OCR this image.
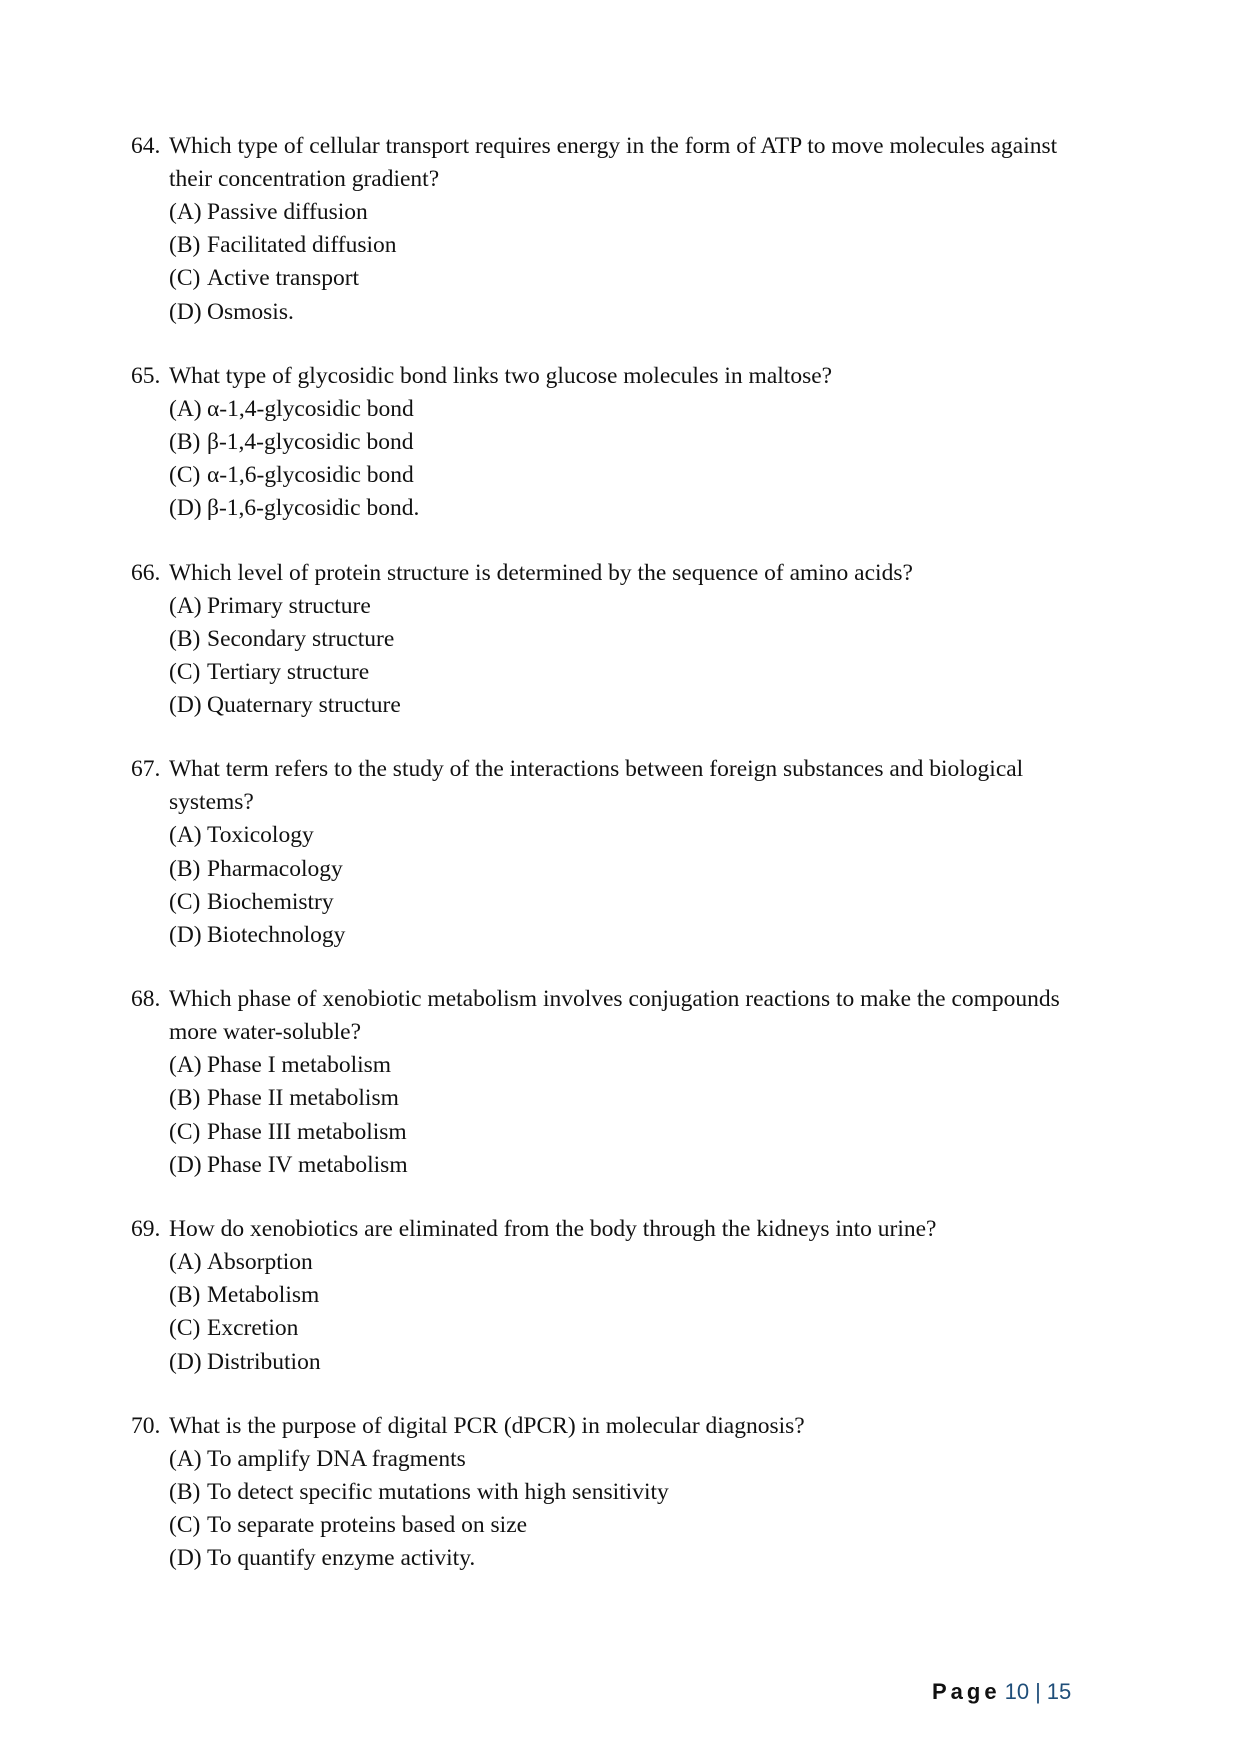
64. Which type of cellular transport requires energy in the form of ATP to move molecules against their concentration gradient?
(A) Passive diffusion
(B) Facilitated diffusion
(C) Active transport
(D) Osmosis.
65. What type of glycosidic bond links two glucose molecules in maltose?
(A) α-1,4-glycosidic bond
(B) β-1,4-glycosidic bond
(C) α-1,6-glycosidic bond
(D) β-1,6-glycosidic bond.
66. Which level of protein structure is determined by the sequence of amino acids?
(A) Primary structure
(B) Secondary structure
(C) Tertiary structure
(D) Quaternary structure
67. What term refers to the study of the interactions between foreign substances and biological systems?
(A) Toxicology
(B) Pharmacology
(C) Biochemistry
(D) Biotechnology
68. Which phase of xenobiotic metabolism involves conjugation reactions to make the compounds more water-soluble?
(A) Phase I metabolism
(B) Phase II metabolism
(C) Phase III metabolism
(D) Phase IV metabolism
69. How do xenobiotics are eliminated from the body through the kidneys into urine?
(A) Absorption
(B) Metabolism
(C) Excretion
(D) Distribution
70. What is the purpose of digital PCR (dPCR) in molecular diagnosis?
(A) To amplify DNA fragments
(B) To detect specific mutations with high sensitivity
(C) To separate proteins based on size
(D) To quantify enzyme activity.
Page 10 | 15
